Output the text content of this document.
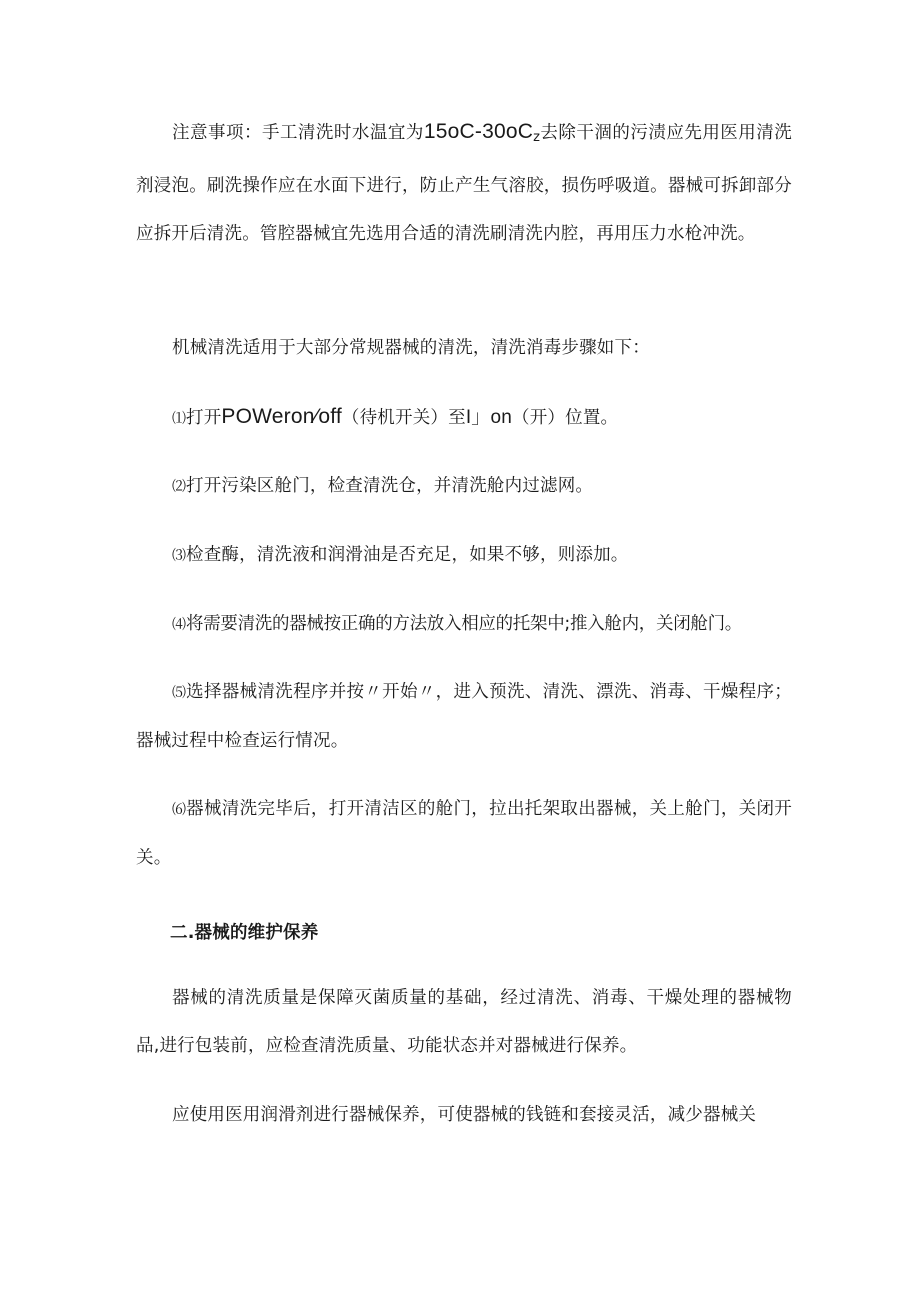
注意事项：手工清洗时水温宜为$15oC-30oC_z$去除干涸的污渍应先用医用清洗剂浸泡。刷洗操作应在水面下进行，防止产生气溶胶，损伤呼吸道。器械可拆卸部分应拆开后清洗。管腔器械宜先选用合适的清洗刷清洗内腔，再用压力水枪冲洗。

机械清洗适用于大部分常规器械的清洗，清洗消毒步骤如下：

⑴打开POWeron⁄off（待机开关）至I」on（开）位置。

⑵打开污染区舱门，检查清洗仓，并清洗舱内过滤网。

⑶检查酶，清洗液和润滑油是否充足，如果不够，则添加。

⑷将需要清洗的器械按正确的方法放入相应的托架中;推入舱内，关闭舱门。

⑸选择器械清洗程序并按〃开始〃，进入预洗、清洗、漂洗、消毒、干燥程序；器械过程中检查运行情况。

⑹器械清洗完毕后，打开清洁区的舱门，拉出托架取出器械，关上舱门，关闭开关。

二.器械的维护保养

器械的清洗质量是保障灭菌质量的基础，经过清洗、消毒、干燥处理的器械物品,进行包装前，应检查清洗质量、功能状态并对器械进行保养。

应使用医用润滑剂进行器械保养，可使器械的钱链和套接灵活，减少器械关
